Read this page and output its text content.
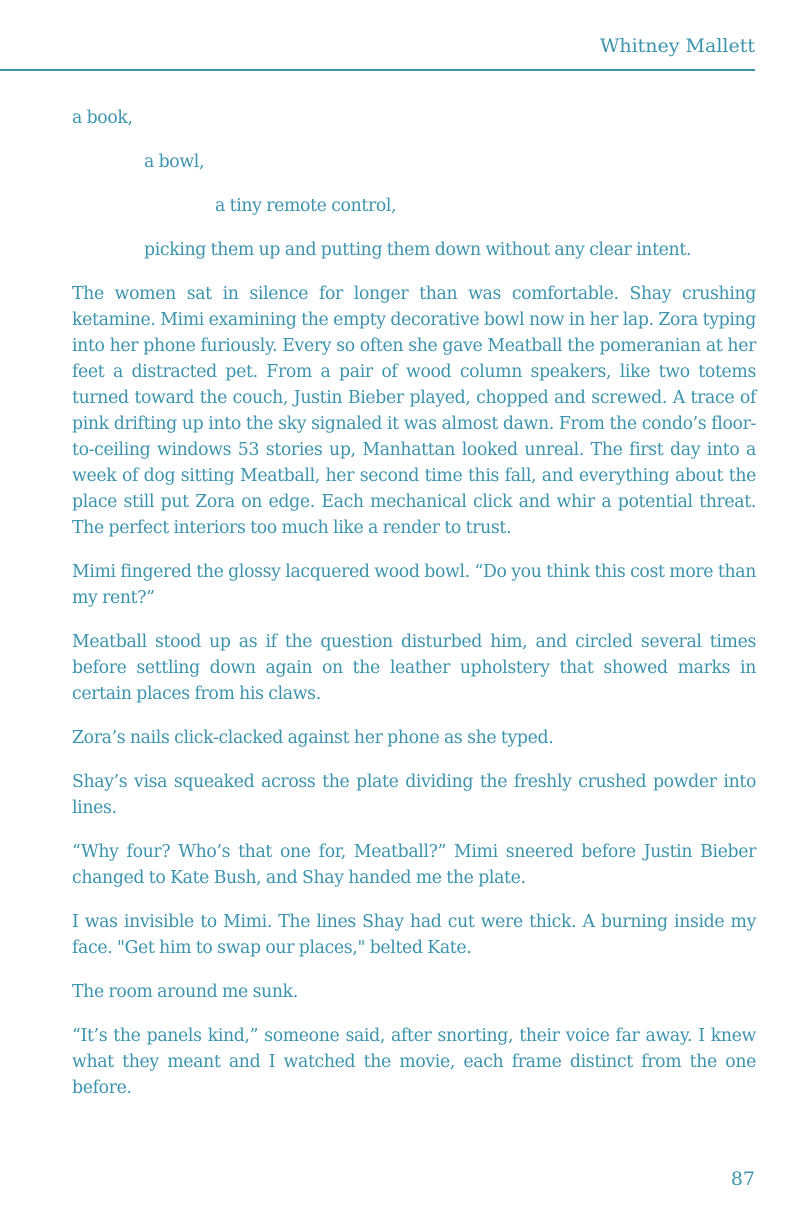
Whitney Mallett

a book,

a bowl,

a tiny remote control,

picking them up and putting them down without any clear intent.

The women sat in silence for longer than was comfortable. Shay crushing ketamine. Mimi examining the empty decorative bowl now in her lap. Zora typing into her phone furiously. Every so often she gave Meatball the pomeranian at her feet a distracted pet. From a pair of wood column speakers, like two totems turned toward the couch, Justin Bieber played, chopped and screwed. A trace of pink drifting up into the sky signaled it was almost dawn. From the condo’s floor-to-ceiling windows 53 stories up, Manhattan looked unreal. The first day into a week of dog sitting Meatball, her second time this fall, and everything about the place still put Zora on edge. Each mechanical click and whir a potential threat. The perfect interiors too much like a render to trust.

Mimi fingered the glossy lacquered wood bowl. “Do you think this cost more than my rent?”

Meatball stood up as if the question disturbed him, and circled several times before settling down again on the leather upholstery that showed marks in certain places from his claws.

Zora’s nails click-clacked against her phone as she typed.

Shay’s visa squeaked across the plate dividing the freshly crushed powder into lines.

“Why four? Who’s that one for, Meatball?” Mimi sneered before Justin Bieber changed to Kate Bush, and Shay handed me the plate.

I was invisible to Mimi. The lines Shay had cut were thick. A burning inside my face. "Get him to swap our places," belted Kate.

The room around me sunk.

“It’s the panels kind,” someone said, after snorting, their voice far away. I knew what they meant and I watched the movie, each frame distinct from the one before.

87
